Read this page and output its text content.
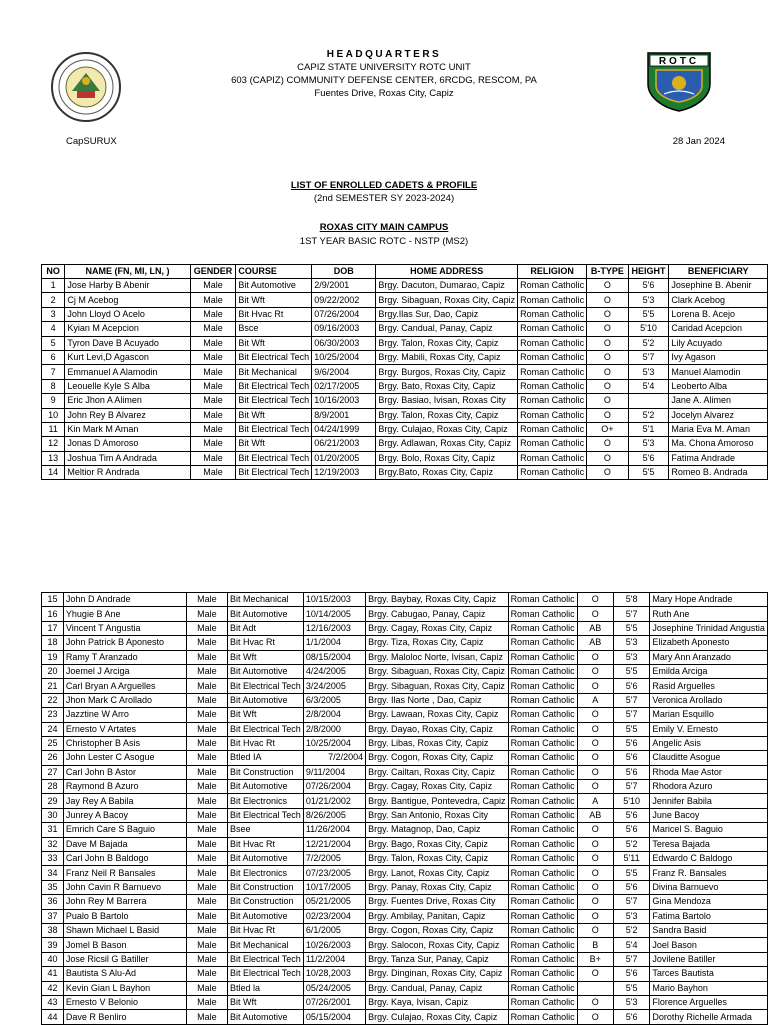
HEADQUARTERS
CAPIZ STATE UNIVERSITY ROTC UNIT
603 (CAPIZ) COMMUNITY DEFENSE CENTER, 6RCDG, RESCOM, PA
Fuentes Drive, Roxas City, Capiz
ROTC
CapSURUX	28 Jan 2024
LIST OF ENROLLED CADETS & PROFILE
(2nd SEMESTER SY 2023-2024)
ROXAS CITY MAIN CAMPUS
1ST YEAR BASIC ROTC - NSTP (MS2)
NO	NAME (FN, MI, LN, )	GENDER	COURSE	DOB	HOME ADDRESS	RELIGION	B-TYPE	HEIGHT	BENEFICIARY
1	Jose Harby B Abenir	Male	Bit Automotive	2/9/2001	Brgy. Dacuton, Dumarao, Capiz	Roman Catholic	O	5'6	Josephine B. Abenir
2	Cj M Acebog	Male	Bit Wft	09/22/2002	Brgy. Sibaguan, Roxas City, Capiz	Roman Catholic	O	5'3	Clark Acebog
3	John Lloyd O Acelo	Male	Bit Hvac Rt	07/26/2004	Brgy.Ilas Sur, Dao, Capiz	Roman Catholic	O	5'5	Lorena B. Acejo
4	Kyian M Acepcion	Male	Bsce	09/16/2003	Brgy. Candual, Panay, Capiz	Roman Catholic	O	5'10	Caridad Acepcion
5	Tyron Dave B Acuyado	Male	Bit Wft	06/30/2003	Brgy. Talon, Roxas City, Capiz	Roman Catholic	O	5'2	Lily Acuyado
6	Kurt Levi,D Agascon	Male	Bit Electrical Tech	10/25/2004	Brgy. Mabili, Roxas City, Capiz	Roman Catholic	O	5'7	Ivy Agason
7	Emmanuel A Alamodin	Male	Bit Mechanical	9/6/2004	Brgy. Burgos, Roxas City, Capiz	Roman Catholic	O	5'3	Manuel Alamodin
8	Leouelle Kyle S Alba	Male	Bit Electrical Tech	02/17/2005	Brgy. Bato, Roxas City, Capiz	Roman Catholic	O	5'4	Leoberto Alba
9	Eric Jhon A Alimen	Male	Bit Electrical Tech	10/16/2003	Brgy. Basiao, Ivisan, Roxas City	Roman Catholic	O		Jane A. Alimen
10	John Rey B Alvarez	Male	Bit Wft	8/9/2001	Brgy. Talon, Roxas City, Capiz	Roman Catholic	O	5'2	Jocelyn Alvarez
11	Kin Mark M Aman	Male	Bit Electrical Tech	04/24/1999	Brgy. Culajao, Roxas City, Capiz	Roman Catholic	O+	5'1	Maria Eva M. Aman
12	Jonas D Amoroso	Male	Bit Wft	06/21/2003	Brgy. Adlawan, Roxas City, Capiz	Roman Catholic	O	5'3	Ma. Chona Amoroso
13	Joshua Tim A Andrada	Male	Bit Electrical Tech	01/20/2005	Brgy. Bolo, Roxas City, Capiz	Roman Catholic	O	5'6	Fatima Andrade
14	Meltior R Andrada	Male	Bit Electrical Tech	12/19/2003	Brgy.Bato, Roxas City, Capiz	Roman Catholic	O	5'5	Romeo B. Andrada
15	John D Andrade	Male	Bit Mechanical	10/15/2003	Brgy. Baybay, Roxas City, Capiz	Roman Catholic	O	5'8	Mary Hope Andrade
16	Yhugie B Ane	Male	Bit Automotive	10/14/2005	Brgy. Cabugao, Panay, Capiz	Roman Catholic	O	5'7	Ruth Ane
17	Vincent T Angustia	Male	Bit Adt	12/16/2003	Brgy. Cagay, Roxas City, Capiz	Roman Catholic	AB	5'5	Josephine Trinidad Angustia
18	John Patrick B Aponesto	Male	Bit Hvac Rt	1/1/2004	Brgy. Tiza, Roxas City, Capiz	Roman Catholic	AB	5'3	Elizabeth Aponesto
19	Ramy T Aranzado	Male	Bit Wft	08/15/2004	Brgy. Maloloc Norte, Ivisan, Capiz	Roman Catholic	O	5'3	Mary Ann Aranzado
20	Joemel J Arciga	Male	Bit Automotive	4/24/2005	Brgy. Sibaguan, Roxas City, Capiz	Roman Catholic	O	5'5	Emilda Arciga
21	Carl Bryan A Arguelles	Male	Bit Electrical Tech	3/24/2005	Brgy. Sibaguan, Roxas City, Capiz	Roman Catholic	O	5'6	Rasid Arguelles
22	Jhon Mark C Arollado	Male	Bit Automotive	6/3/2005	Brgy. Ilas Norte , Dao, Capiz	Roman Catholic	A	5'7	Veronica Arollado
23	Jazztine W Arro	Male	Bit Wft	2/8/2004	Brgy. Lawaan, Roxas City, Capiz	Roman Catholic	O	5'7	Marian Esquillo
24	Ernesto V Artates	Male	Bit Electrical Tech	2/8/2000	Brgy. Dayao, Roxas City, Capiz	Roman Catholic	O	5'5	Emily V. Ernesto
25	Christopher B Asis	Male	Bit Hvac Rt	10/25/2004	Brgy. Libas, Roxas City, Capiz	Roman Catholic	O	5'6	Angelic Asis
26	John Lester C Asogue	Male	Btled IA	7/2/2004	Brgy. Cogon, Roxas City, Capiz	Roman Catholic	O	5'6	Clauditte Asogue
27	Carl John B Astor	Male	Bit Construction	9/11/2004	Brgy. Cailtan, Roxas City, Capiz	Roman Catholic	O	5'6	Rhoda Mae Astor
28	Raymond B Azuro	Male	Bit Automotive	07/26/2004	Brgy. Cagay, Roxas City, Capiz	Roman Catholic	O	5'7	Rhodora Azuro
29	Jay Rey A Babila	Male	Bit Electronics	01/21/2002	Brgy. Bantigue, Pontevedra, Capiz	Roman Catholic	A	5'10	Jennifer Babila
30	Junrey A Bacoy	Male	Bit Electrical Tech	8/26/2005	Brgy. San Antonio, Roxas City	Roman Catholic	AB	5'6	June Bacoy
31	Emrich Care S Baguio	Male	Bsee	11/26/2004	Brgy. Matagnop, Dao, Capiz	Roman Catholic	O	5'6	Maricel S. Baguio
32	Dave M Bajada	Male	Bit Hvac Rt	12/21/2004	Brgy. Bago, Roxas City, Capiz	Roman Catholic	O	5'2	Teresa Bajada
33	Carl John B Baldogo	Male	Bit Automotive	7/2/2005	Brgy. Talon, Roxas City, Capiz	Roman Catholic	O	5'11	Edwardo C Baldogo
34	Franz Neil R Bansales	Male	Bit Electronics	07/23/2005	Brgy. Lanot, Roxas City, Capiz	Roman Catholic	O	5'5	Franz R. Bansales
35	John Cavin R Barnuevo	Male	Bit Construction	10/17/2005	Brgy. Panay, Roxas City, Capiz	Roman Catholic	O	5'6	Divina Barnuevo
36	John Rey M Barrera	Male	Bit Construction	05/21/2005	Brgy. Fuentes Drive, Roxas City	Roman Catholic	O	5'7	Gina Mendoza
37	Pualo B Bartolo	Male	Bit Automotive	02/23/2004	Brgy. Ambilay, Panitan, Capiz	Roman Catholic	O	5'3	Fatima Bartolo
38	Shawn Michael L Basid	Male	Bit Hvac Rt	6/1/2005	Brgy. Cogon, Roxas City, Capiz	Roman Catholic	O	5'2	Sandra Basid
39	Jomel B Bason	Male	Bit Mechanical	10/26/2003	Brgy. Salocon, Roxas City, Capiz	Roman Catholic	B	5'4	Joel Bason
40	Jose Ricsil G Batiller	Male	Bit Electrical Tech	11/2/2004	Brgy. Tanza Sur, Panay, Capiz	Roman Catholic	B+	5'7	Jovilene Batiller
41	Bautista S Alu-Ad	Male	Bit Electrical Tech	10/28,2003	Brgy. Dinginan, Roxas City, Capiz	Roman Catholic	O	5'6	Tarces Bautista
42	Kevin Gian L Bayhon	Male	Btled la	05/24/2005	Brgy. Candual, Panay, Capiz	Roman Catholic		5'5	Mario Bayhon
43	Ernesto V Belonio	Male	Bit Wft	07/26/2001	Brgy. Kaya, Ivisan, Capiz	Roman Catholic	O	5'3	Florence Arguelles
44	Dave R Benliro	Male	Bit Automotive	05/15/2004	Brgy. Culajao, Roxas City, Capiz	Roman Catholic	O	5'6	Dorothy Richelle Armada
